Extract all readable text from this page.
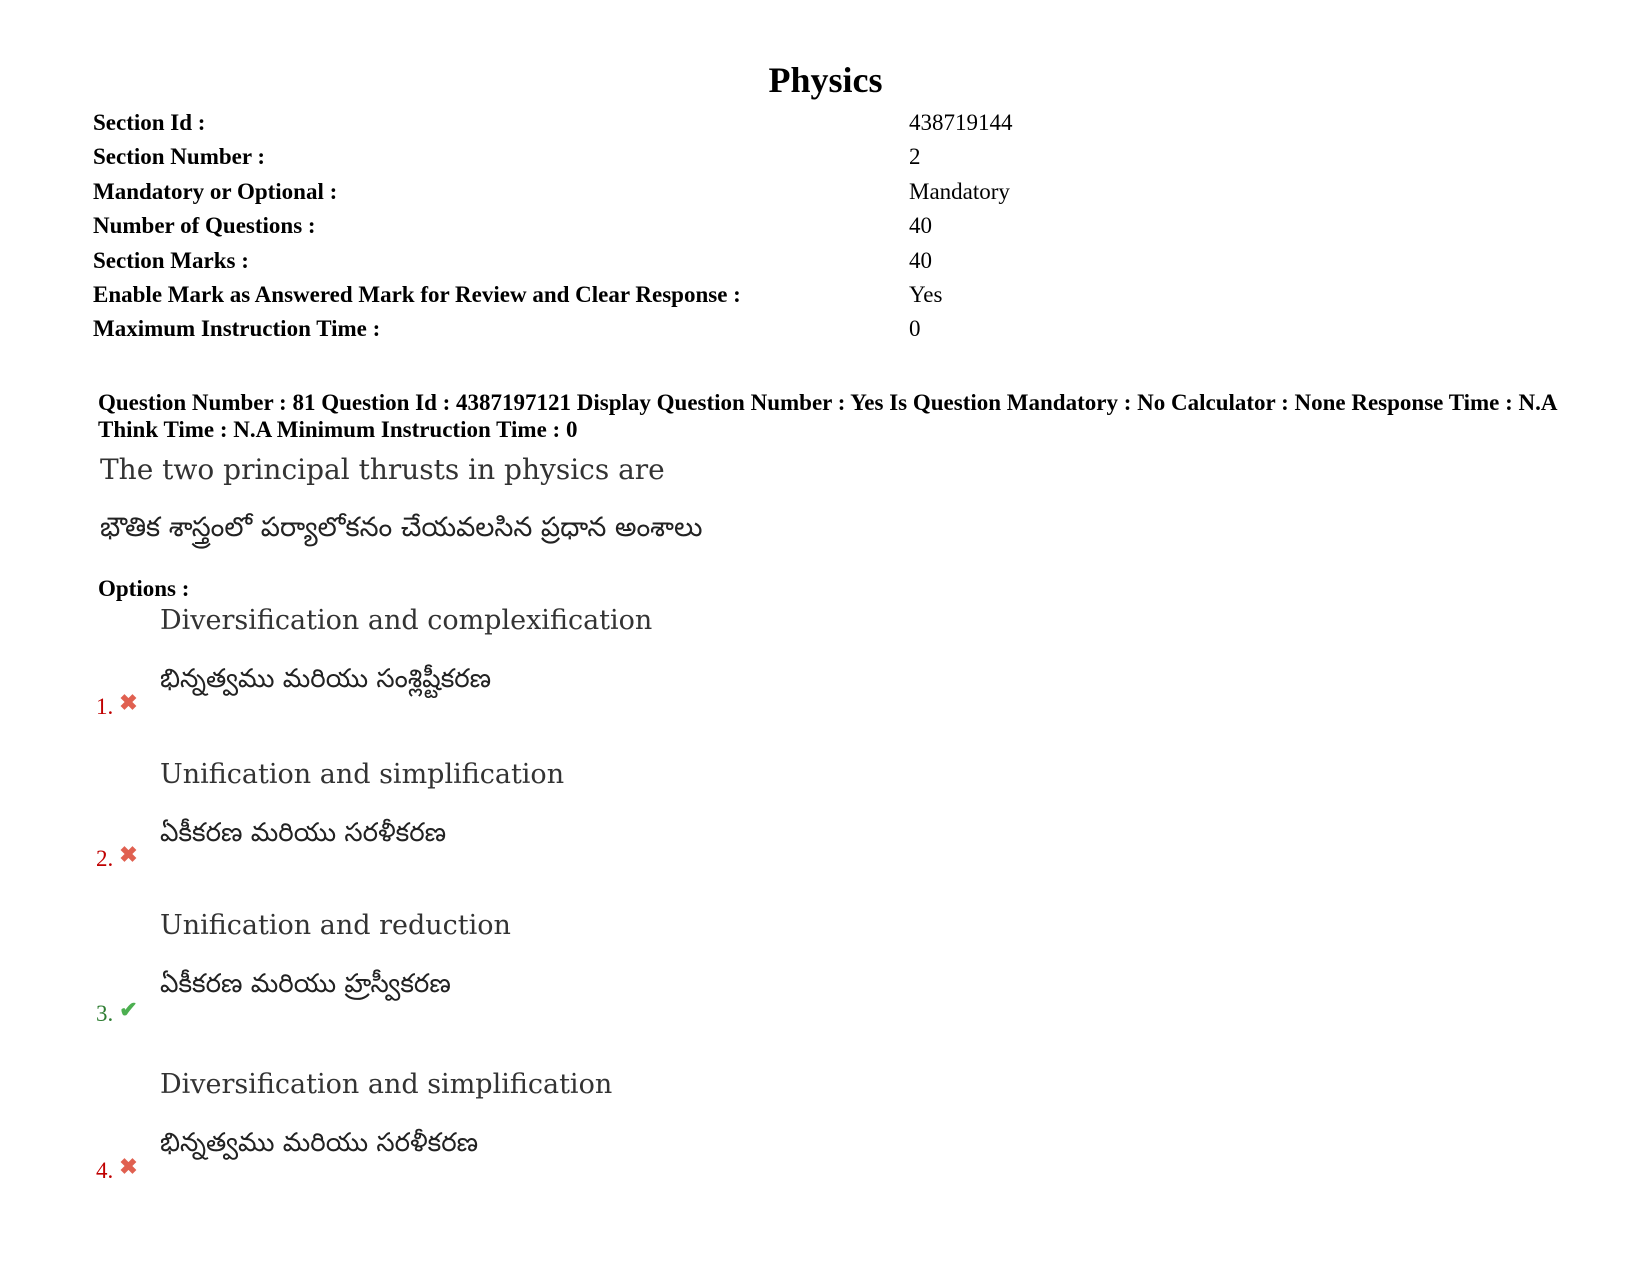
Physics
Section Id :	438719144
Section Number :	2
Mandatory or Optional :	Mandatory
Number of Questions :	40
Section Marks :	40
Enable Mark as Answered Mark for Review and Clear Response :	Yes
Maximum Instruction Time :	0
Question Number : 81 Question Id : 4387197121 Display Question Number : Yes Is Question Mandatory : No Calculator : None Response Time : N.A Think Time : N.A Minimum Instruction Time : 0
The two principal thrusts in physics are
భౌతిక శాస్త్రంలో పర్యాలోకనం చేయవలసిన ప్రధాన అంశాలు
Options :
Diversification and complexification
భిన్నత్వము మరియు సంశ్లిష్టీకరణ
1. ✖
Unification and simplification
ఏకీకరణ మరియు సరళీకరణ
2. ✖
Unification and reduction
ఏకీకరణ మరియు హ్రస్వీకరణ
3. ✔
Diversification and simplification
భిన్నత్వము మరియు సరళీకరణ
4. ✖
